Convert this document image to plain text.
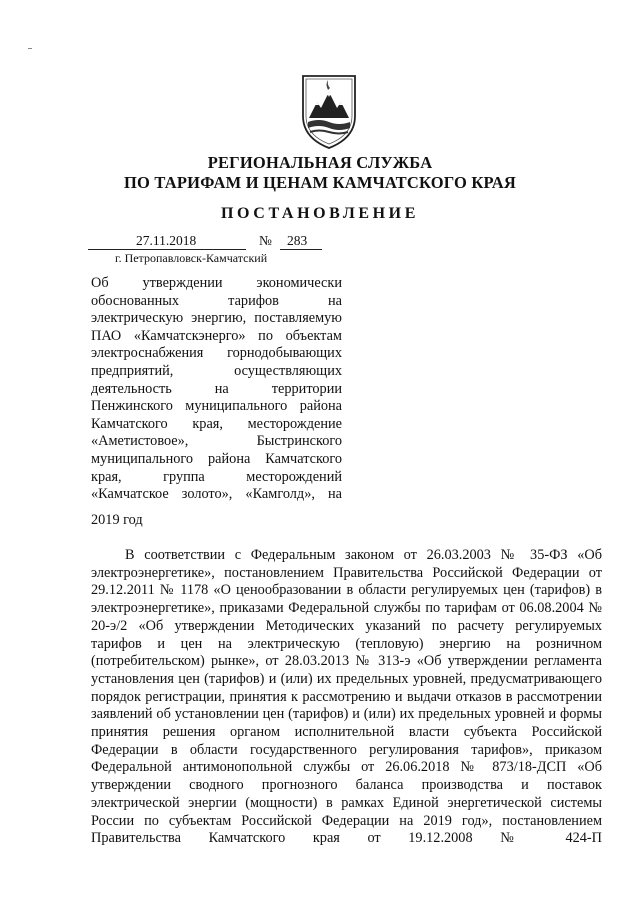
РЕГИОНАЛЬНАЯ СЛУЖБА
ПО ТАРИФАМ И ЦЕНАМ КАМЧАТСКОГО КРАЯ
ПОСТАНОВЛЕНИЕ
27.11.2018	№ 283
г. Петропавловск-Камчатский
Об утверждении экономически обоснованных тарифов на электрическую энергию, поставляемую ПАО «Камчатскэнерго» по объектам электроснабжения горнодобывающих предприятий, осуществляющих деятельность на территории Пенжинского муниципального района Камчатского края, месторождение «Аметистовое», Быстринского муниципального района Камчатского края, группа месторождений «Камчатское золото», «Камголд», на
2019 год
В соответствии с Федеральным законом от 26.03.2003 № 35-ФЗ «Об электроэнергетике», постановлением Правительства Российской Федерации от 29.12.2011 № 1178 «О ценообразовании в области регулируемых цен (тарифов) в электроэнергетике», приказами Федеральной службы по тарифам от 06.08.2004 № 20-э/2 «Об утверждении Методических указаний по расчету регулируемых тарифов и цен на электрическую (тепловую) энергию на розничном (потребительском) рынке», от 28.03.2013 № 313-э «Об утверждении регламента установления цен (тарифов) и (или) их предельных уровней, предусматривающего порядок регистрации, принятия к рассмотрению и выдачи отказов в рассмотрении заявлений об установлении цен (тарифов) и (или) их предельных уровней и формы принятия решения органом исполнительной власти субъекта Российской Федерации в области государственного регулирования тарифов», приказом Федеральной антимонопольной службы от 26.06.2018 № 873/18-ДСП «Об утверждении сводного прогнозного баланса производства и поставок электрической энергии (мощности) в рамках Единой энергетической системы России по субъектам Российской Федерации на 2019 год», постановлением Правительства Камчатского края от 19.12.2008 № 424-П
